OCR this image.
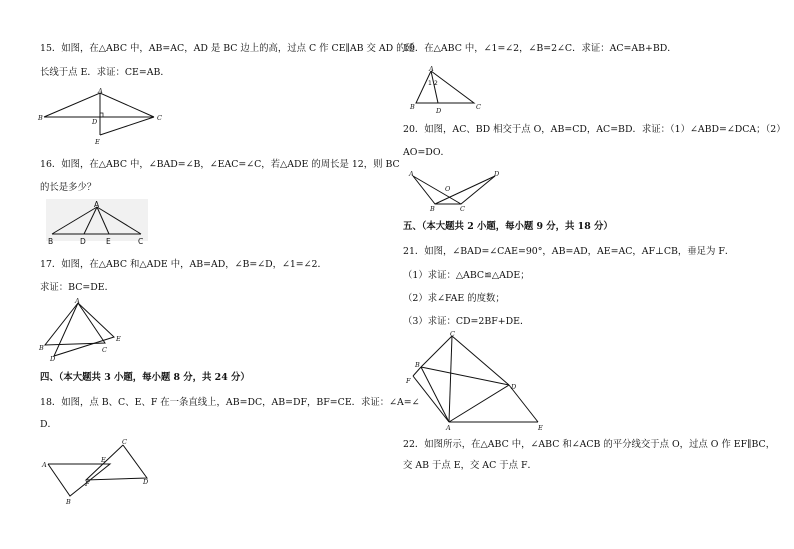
15．如图，在△ABC 中，AB=AC，AD 是 BC 边上的高，过点 C 作 CE∥AB 交 AD 的延
长线于点 E．求证：CE=AB．
A
B	C
D
E
16．如图，在△ABC 中，∠BAD=∠B，∠EAC=∠C，若△ADE 的周长是 12，则 BC
的长是多少？
A
B	D	E	C
17．如图，在△ABC 和△ADE 中，AB=AD，∠B=∠D，∠1=∠2．
求证：BC=DE．
A
B	C
D
E
四、（本大题共 3 小题，每小题 8 分，共 24 分）
18．如图，点 B、C、E、F 在一条直线上，AB=DC，AB=DF，BF=CE．求证：∠A=∠
D．
A
B
C
D
E
F
19．在△ABC 中，∠1=∠2，∠B=2∠C．求证：AC=AB+BD．
A
B	C
D
1 2
20．如图，AC、BD 相交于点 O，AB=CD，AC=BD．求证：（1）∠ABD=∠DCA；（2）
AO=DO．
A
B	C
D
O
五、（本大题共 2 小题，每小题 9 分，共 18 分）
21．如图，∠BAD=∠CAE=90°，AB=AD，AE=AC，AF⊥CB，垂足为 F．
（1）求证：△ABC≌△ADE；
（2）求∠FAE 的度数；
（3）求证：CD=2BF+DE．
C
B
F
D
A	E
22．如图所示，在△ABC 中，∠ABC 和∠ACB 的平分线交于点 O，过点 O 作 EF∥BC，
交 AB 于点 E，交 AC 于点 F．
